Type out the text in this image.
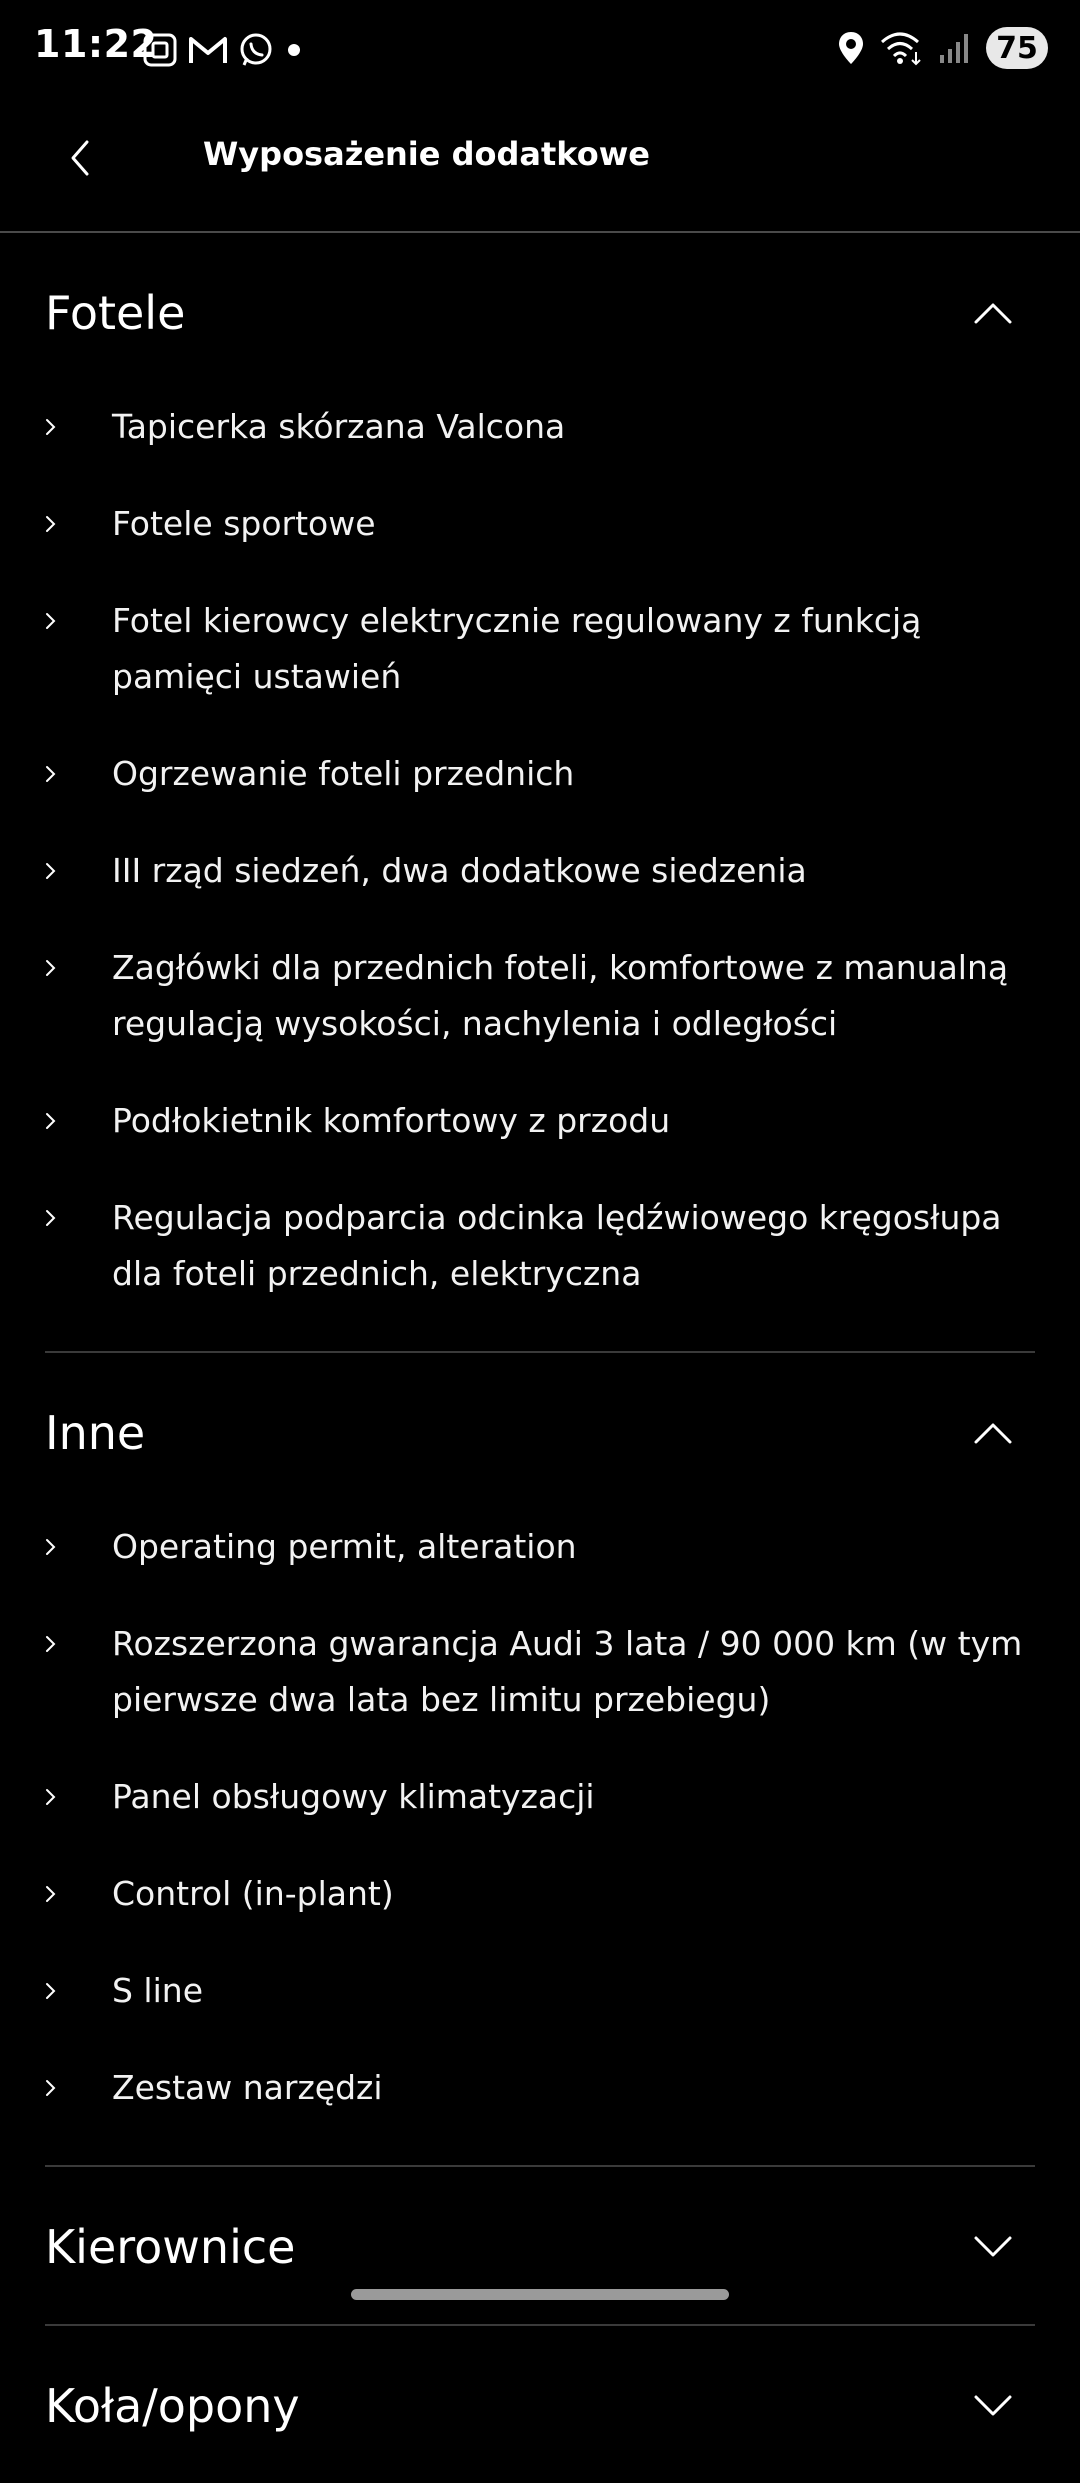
11:22	75
Wyposażenie dodatkowe
Fotele
Tapicerka skórzana Valcona
Fotele sportowe
Fotel kierowcy elektrycznie regulowany z funkcją pamięci ustawień
Ogrzewanie foteli przednich
III rząd siedzeń, dwa dodatkowe siedzenia
Zagłówki dla przednich foteli, komfortowe z manualną regulacją wysokości, nachylenia i odległości
Podłokietnik komfortowy z przodu
Regulacja podparcia odcinka lędźwiowego kręgosłupa dla foteli przednich, elektryczna
Inne
Operating permit, alteration
Rozszerzona gwarancja Audi 3 lata / 90 000 km (w tym pierwsze dwa lata bez limitu przebiegu)
Panel obsługowy klimatyzacji
Control (in-plant)
S line
Zestaw narzędzi
Kierownice
Koła/opony
